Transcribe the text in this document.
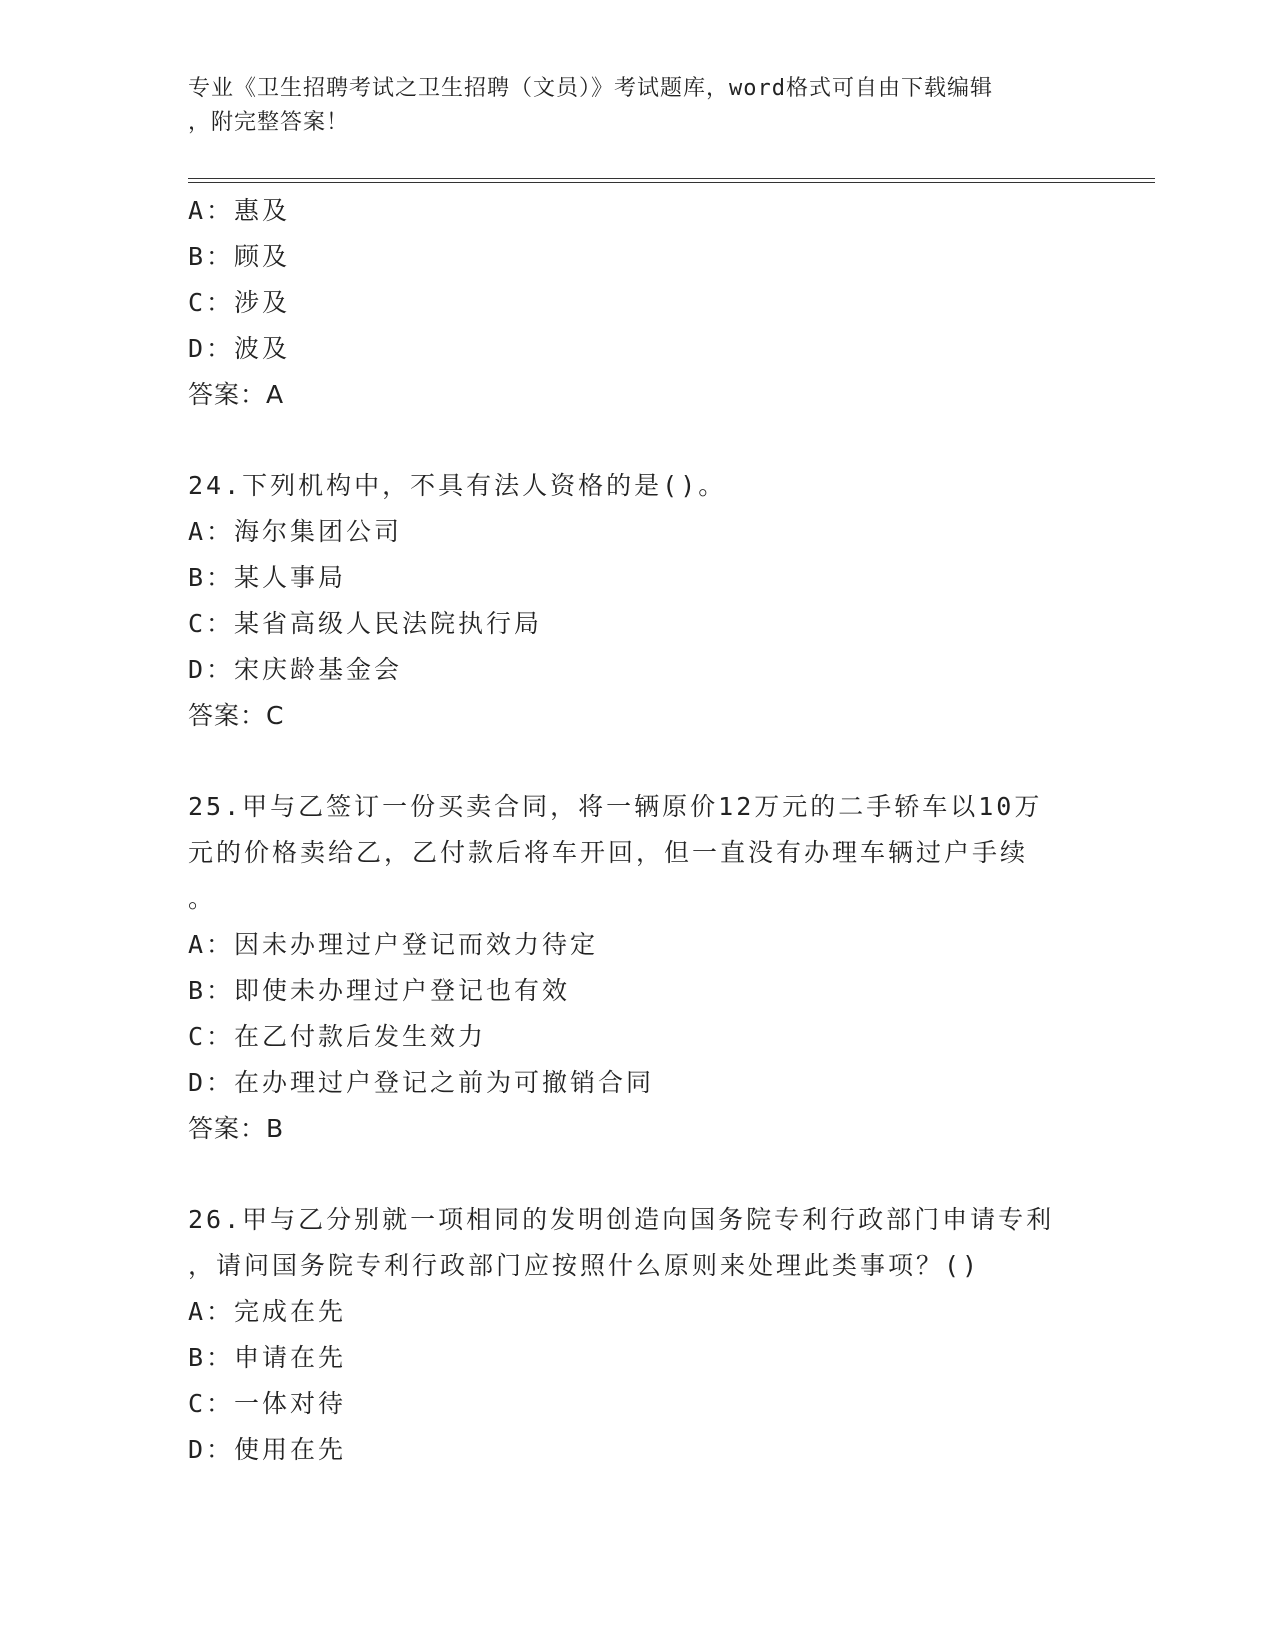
专业《卫生招聘考试之卫生招聘（文员）》考试题库，word格式可自由下载编辑
，附完整答案！
A：惠及
B：顾及
C：涉及
D：波及
答案：A
24.下列机构中，不具有法人资格的是()。
A：海尔集团公司
B：某人事局
C：某省高级人民法院执行局
D：宋庆龄基金会
答案：C
25.甲与乙签订一份买卖合同，将一辆原价12万元的二手轿车以10万
元的价格卖给乙，乙付款后将车开回，但一直没有办理车辆过户手续
。
A：因未办理过户登记而效力待定
B：即使未办理过户登记也有效
C：在乙付款后发生效力
D：在办理过户登记之前为可撤销合同
答案：B
26.甲与乙分别就一项相同的发明创造向国务院专利行政部门申请专利
，请问国务院专利行政部门应按照什么原则来处理此类事项？()
A：完成在先
B：申请在先
C：一体对待
D：使用在先
